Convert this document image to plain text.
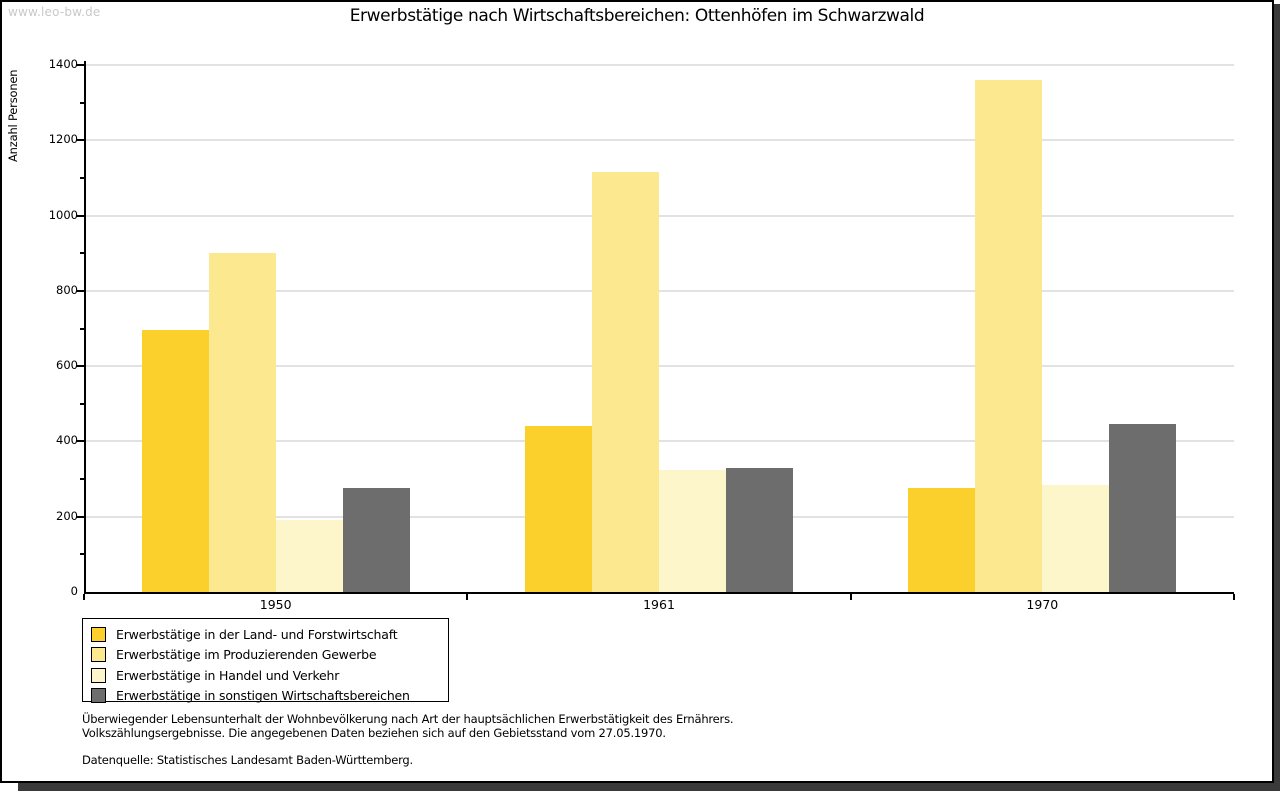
www.leo-bw.de	Erwerbstätige nach Wirtschaftsbereichen: Ottenhöfen im Schwarzwald
Anzahl Personen
0
200
400
600
800
1000
1200
1400
Erwerbstätige in der Land- und Forstwirtschaft
Erwerbstätige im Produzierenden Gewerbe
Erwerbstätige in Handel und Verkehr
Erwerbstätige in sonstigen Wirtschaftsbereichen

Überwiegender Lebensunterhalt der Wohnbevölkerung nach Art der hauptsächlichen Erwerbstätigkeit des Ernährers.

Volkszählungsergebnisse. Die angegebenen Daten beziehen sich auf den Gebietsstand vom 27.05.1970.

Datenquelle: Statistisches Landesamt Baden-Württemberg.

1950	1961	1970
